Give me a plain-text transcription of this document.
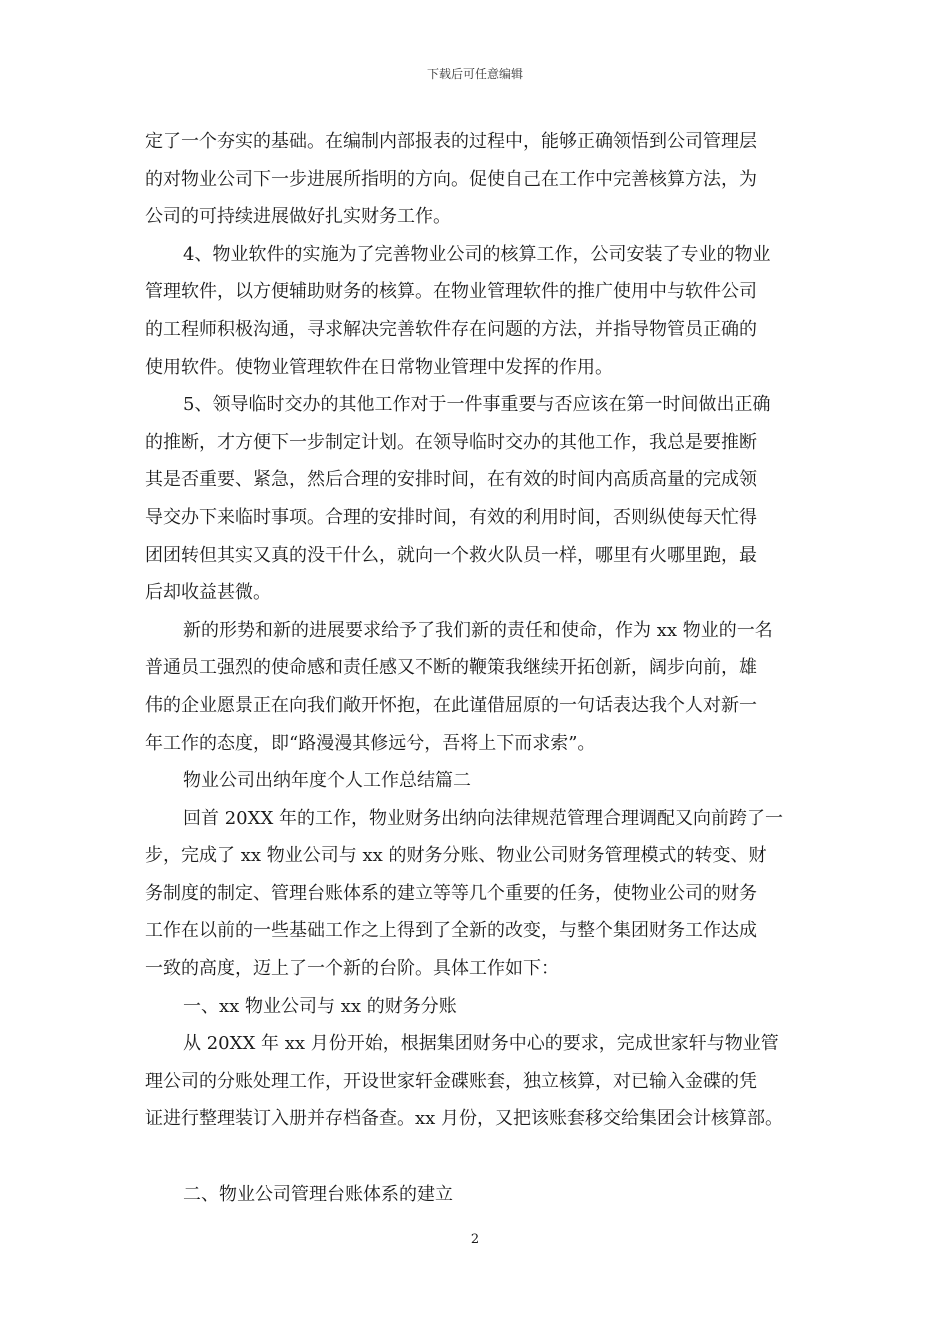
下载后可任意编辑
定了一个夯实的基础。在编制内部报表的过程中，能够正确领悟到公司管理层
的对物业公司下一步进展所指明的方向。促使自己在工作中完善核算方法，为
公司的可持续进展做好扎实财务工作。
4、物业软件的实施为了完善物业公司的核算工作，公司安装了专业的物业
管理软件，以方便辅助财务的核算。在物业管理软件的推广使用中与软件公司
的工程师积极沟通，寻求解决完善软件存在问题的方法，并指导物管员正确的
使用软件。使物业管理软件在日常物业管理中发挥的作用。
5、领导临时交办的其他工作对于一件事重要与否应该在第一时间做出正确
的推断，才方便下一步制定计划。在领导临时交办的其他工作，我总是要推断
其是否重要、紧急，然后合理的安排时间，在有效的时间内高质高量的完成领
导交办下来临时事项。合理的安排时间，有效的利用时间，否则纵使每天忙得
团团转但其实又真的没干什么，就向一个救火队员一样，哪里有火哪里跑，最
后却收益甚微。
新的形势和新的进展要求给予了我们新的责任和使命，作为 xx 物业的一名
普通员工强烈的使命感和责任感又不断的鞭策我继续开拓创新，阔步向前，雄
伟的企业愿景正在向我们敞开怀抱，在此谨借屈原的一句话表达我个人对新一
年工作的态度，即“路漫漫其修远兮，吾将上下而求索”。
物业公司出纳年度个人工作总结篇二
回首 20XX 年的工作，物业财务出纳向法律规范管理合理调配又向前跨了一
步，完成了 xx 物业公司与 xx 的财务分账、物业公司财务管理模式的转变、财
务制度的制定、管理台账体系的建立等等几个重要的任务，使物业公司的财务
工作在以前的一些基础工作之上得到了全新的改变，与整个集团财务工作达成
一致的高度，迈上了一个新的台阶。具体工作如下：
一、xx 物业公司与 xx 的财务分账
从 20XX 年 xx 月份开始，根据集团财务中心的要求，完成世家轩与物业管
理公司的分账处理工作，开设世家轩金碟账套，独立核算，对已输入金碟的凭
证进行整理装订入册并存档备查。xx 月份，又把该账套移交给集团会计核算部。
二、物业公司管理台账体系的建立
2
